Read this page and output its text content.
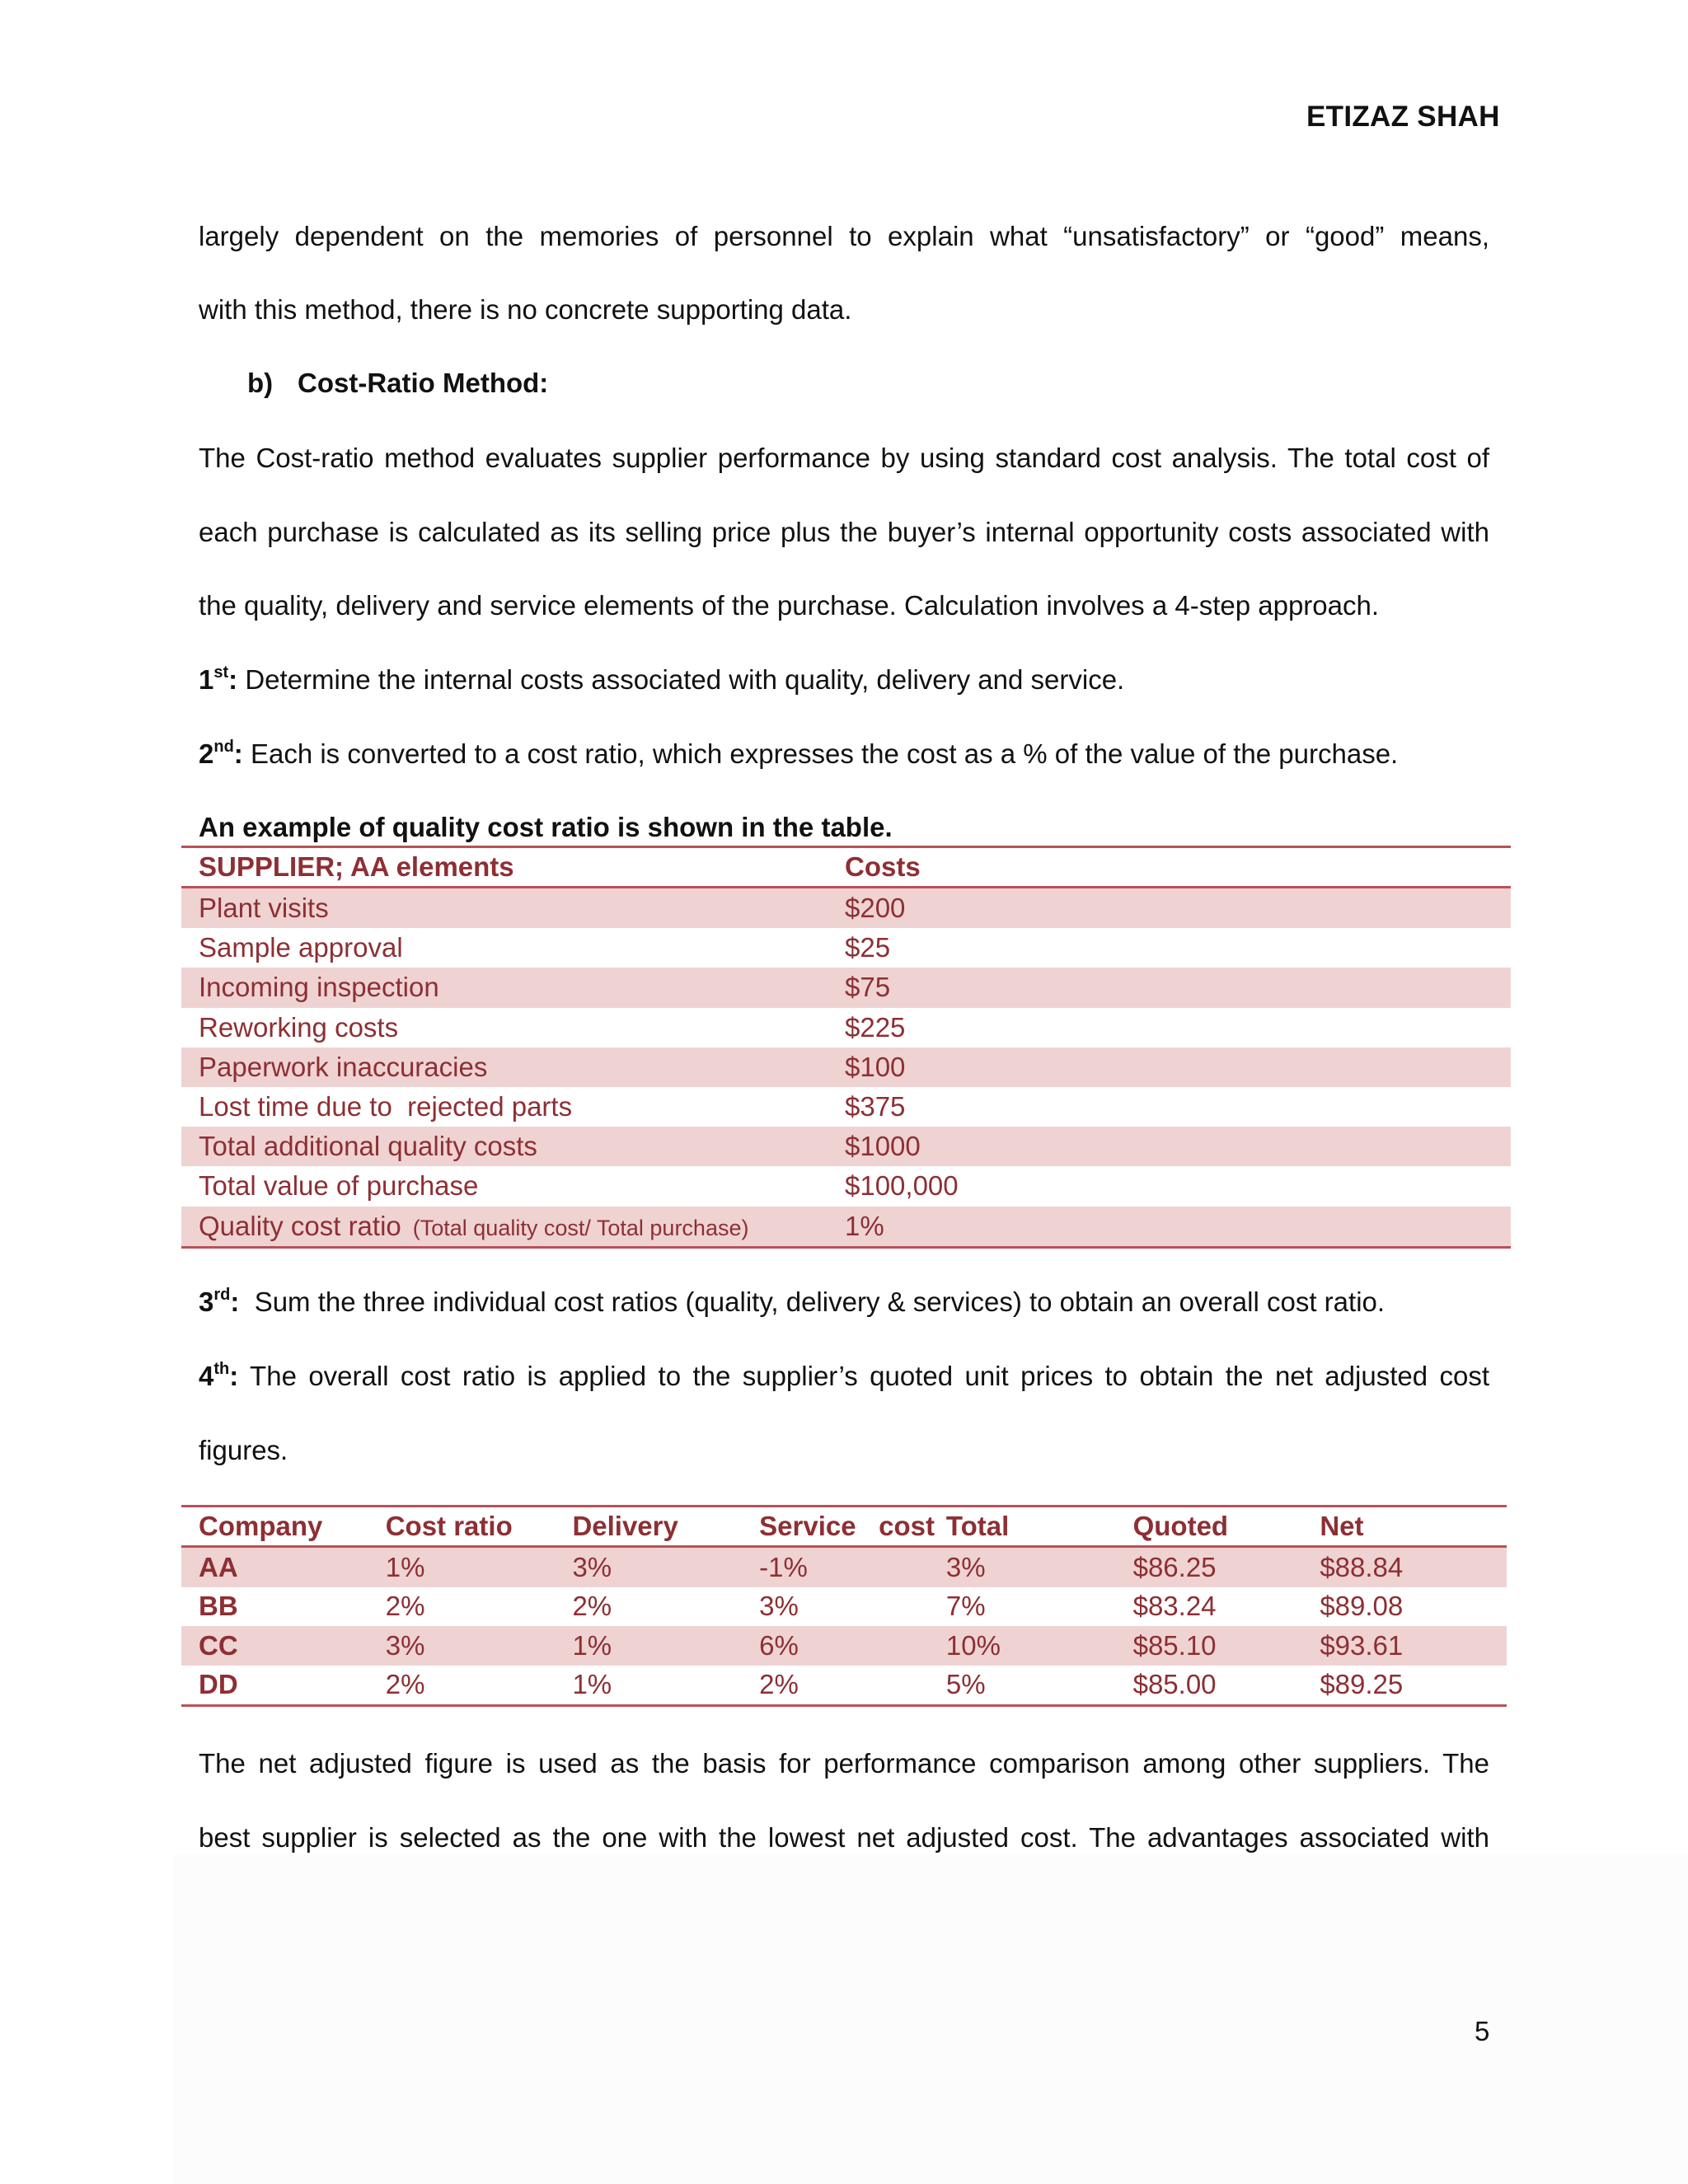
ETIZAZ SHAH
largely dependent on the memories of personnel to explain what “unsatisfactory” or “good” means,
with this method, there is no concrete supporting data.
b) Cost-Ratio Method:
The Cost-ratio method evaluates supplier performance by using standard cost analysis. The total cost of
each purchase is calculated as its selling price plus the buyer’s internal opportunity costs associated with
the quality, delivery and service elements of the purchase. Calculation involves a 4-step approach.
1st: Determine the internal costs associated with quality, delivery and service.
2nd: Each is converted to a cost ratio, which expresses the cost as a % of the value of the purchase.
An example of quality cost ratio is shown in the table.
SUPPLIER; AA elements	Costs
Plant visits	$200
Sample approval	$25
Incoming inspection	$75
Reworking costs	$225
Paperwork inaccuracies	$100
Lost time due to  rejected parts	$375
Total additional quality costs	$1000
Total value of purchase	$100,000
Quality cost ratio (Total quality cost/ Total purchase)	1%
3rd:  Sum the three individual cost ratios (quality, delivery & services) to obtain an overall cost ratio.
4th: The overall cost ratio is applied to the supplier’s quoted unit prices to obtain the net adjusted cost
figures.
Company	Cost ratio	Delivery	Service   cost Total	Quoted	Net
AA	1%	3%	-1%	3%	$86.25	$88.84
BB	2%	2%	3%	7%	$83.24	$89.08
CC	3%	1%	6%	10%	$85.10	$93.61
DD	2%	1%	2%	5%	$85.00	$89.25
The net adjusted figure is used as the basis for performance comparison among other suppliers. The
best supplier is selected as the one with the lowest net adjusted cost. The advantages associated with
5
